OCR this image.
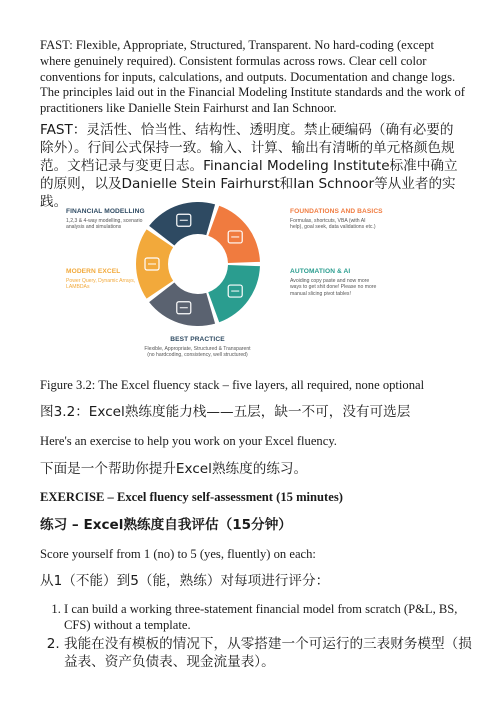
FAST: Flexible, Appropriate, Structured, Transparent. No hard-coding (except where genuinely required). Consistent formulas across rows. Clear cell color conventions for inputs, calculations, and outputs. Documentation and change logs. The principles laid out in the Financial Modeling Institute standards and the work of practitioners like Danielle Stein Fairhurst and Ian Schnoor.

FAST：灵活性、恰当性、结构性、透明度。禁止硬编码（确有必要的除外）。行间公式保持一致。输入、计算、输出有清晰的单元格颜色规范。文档记录与变更日志。Financial Modeling Institute标准中确立的原则，以及Danielle Stein Fairhurst和Ian Schnoor等从业者的实践。

FINANCIAL MODELLING
1,2,3 & 4-way modelling, scenario
analysis and simulations
FOUNDATIONS AND BASICS
Formulas, shortcuts, VBA (with AI
help), goal seek, data validations etc.)
MODERN EXCEL
Power Query, Dynamic Arrays,
LAMBDAs
AUTOMATION & AI
Avoiding copy paste and now more
ways to get shit done! Please no more
manual slicing pivot tables!
BEST PRACTICE
Flexible, Appropriate, Structured & Transparent
(no hardcoding, consistency, well structured)

Figure 3.2: The Excel fluency stack – five layers, all required, none optional

图3.2：Excel熟练度能力栈——五层，缺一不可，没有可选层

Here's an exercise to help you work on your Excel fluency.

下面是一个帮助你提升Excel熟练度的练习。

EXERCISE – Excel fluency self-assessment (15 minutes)

练习 – Excel熟练度自我评估（15分钟）

Score yourself from 1 (no) to 5 (yes, fluently) on each:

从1（不能）到5（能，熟练）对每项进行评分：

1. I can build a working three-statement financial model from scratch (P&L, BS, CFS) without a template.
2. 我能在没有模板的情况下，从零搭建一个可运行的三表财务模型（损益表、资产负债表、现金流量表）。
